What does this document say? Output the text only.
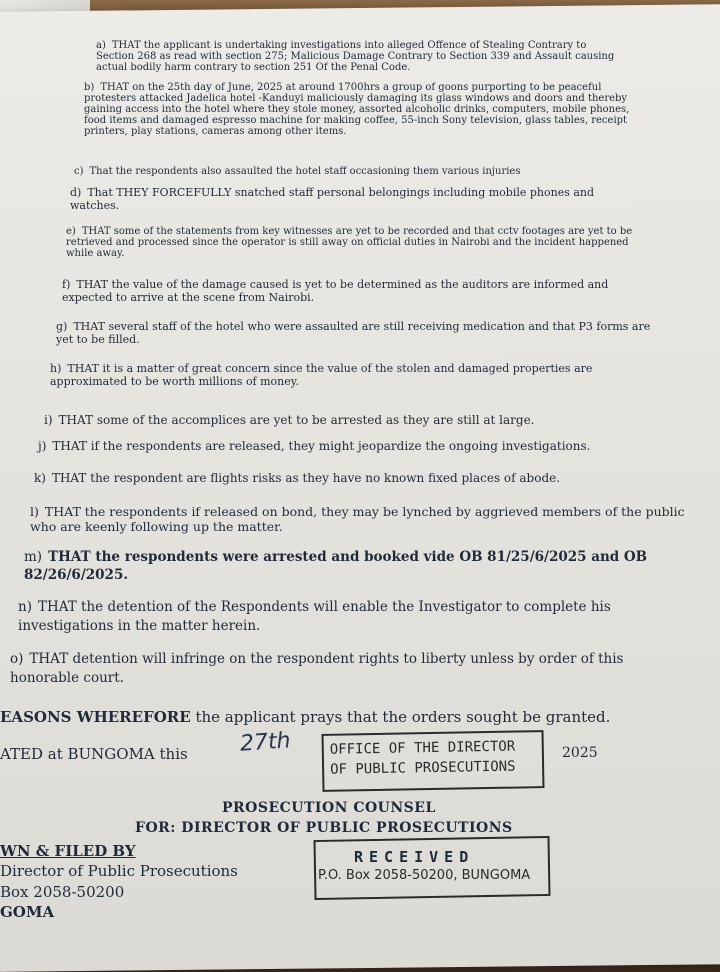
a) THAT the applicant is undertaking investigations into alleged Offence of Stealing Contrary to Section 268 as read with section 275; Malicious Damage Contrary to Section 339 and Assault causing actual bodily harm contrary to section 251 Of the Penal Code.
b) THAT on the 25th day of June, 2025 at around 1700hrs a group of goons purporting to be peaceful protesters attacked Jadelica hotel -Kanduyi maliciously damaging its glass windows and doors and thereby gaining access into the hotel where they stole money, assorted alcoholic drinks, computers, mobile phones, food items and damaged espresso machine for making coffee, 55-inch Sony television, glass tables, receipt printers, play stations, cameras among other items.
c) That the respondents also assaulted the hotel staff occasioning them various injuries
d) That THEY FORCEFULLY snatched staff personal belongings including mobile phones and watches.
e) THAT some of the statements from key witnesses are yet to be recorded and that cctv footages are yet to be retrieved and processed since the operator is still away on official duties in Nairobi and the incident happened while away.
f) THAT the value of the damage caused is yet to be determined as the auditors are informed and expected to arrive at the scene from Nairobi.
g) THAT several staff of the hotel who were assaulted are still receiving medication and that P3 forms are yet to be filled.
h) THAT it is a matter of great concern since the value of the stolen and damaged properties are approximated to be worth millions of money.
i) THAT some of the accomplices are yet to be arrested as they are still at large.
j) THAT if the respondents are released, they might jeopardize the ongoing investigations.
k) THAT the respondent are flights risks as they have no known fixed places of abode.
l) THAT the respondents if released on bond, they may be lynched by aggrieved members of the public who are keenly following up the matter.
m) THAT the respondents were arrested and booked vide OB 81/25/6/2025 and OB 82/26/6/2025.
n) THAT the detention of the Respondents will enable the Investigator to complete his investigations in the matter herein.
o) THAT detention will infringe on the respondent rights to liberty unless by order of this honorable court.
EASONS WHEREFORE the applicant prays that the orders sought be granted.
ATED at BUNGOMA this 27th	OFFICE OF THE DIRECTOR
OF PUBLIC PROSECUTIONS
2025
PROSECUTION COUNSEL
FOR: DIRECTOR OF PUBLIC PROSECUTIONS
WN & FILED BY	RECEIVED
P.O. Box 2058-50200, BUNGOMA
Director of Public Prosecutions
Box 2058-50200
GOMA
